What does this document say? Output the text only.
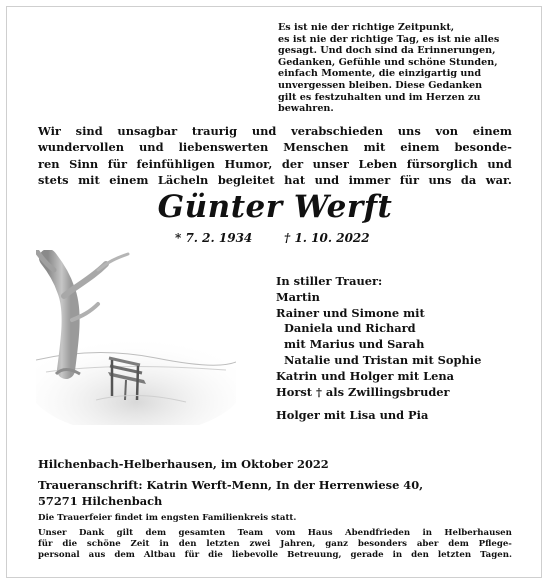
Es ist nie der richtige Zeitpunkt,
es ist nie der richtige Tag, es ist nie alles
gesagt. Und doch sind da Erinnerungen,
Gedanken, Gefühle und schöne Stunden,
einfach Momente, die einzigartig und
unvergessen bleiben. Diese Gedanken
gilt es festzuhalten und im Herzen zu
bewahren.
Wir sind unsagbar traurig und verabschieden uns von einem
wundervollen und liebenswerten Menschen mit einem besonde-
ren Sinn für feinfühligen Humor, der unser Leben fürsorglich und
stets mit einem Lächeln begleitet hat und immer für uns da war.
Günter Werft
* 7. 2. 1934	† 1. 10. 2022
In stiller Trauer:
Martin
Rainer und Simone mit
Daniela und Richard
mit Marius und Sarah
Natalie und Tristan mit Sophie
Katrin und Holger mit Lena
Horst † als Zwillingsbruder
Holger mit Lisa und Pia
Hilchenbach-Helberhausen, im Oktober 2022
Traueranschrift: Katrin Werft-Menn, In der Herrenwiese 40,
57271 Hilchenbach
Die Trauerfeier findet im engsten Familienkreis statt.
Unser Dank gilt dem gesamten Team vom Haus Abendfrieden in Helberhausen
für die schöne Zeit in den letzten zwei Jahren, ganz besonders aber dem Pflege-
personal aus dem Altbau für die liebevolle Betreuung, gerade in den letzten Tagen.
